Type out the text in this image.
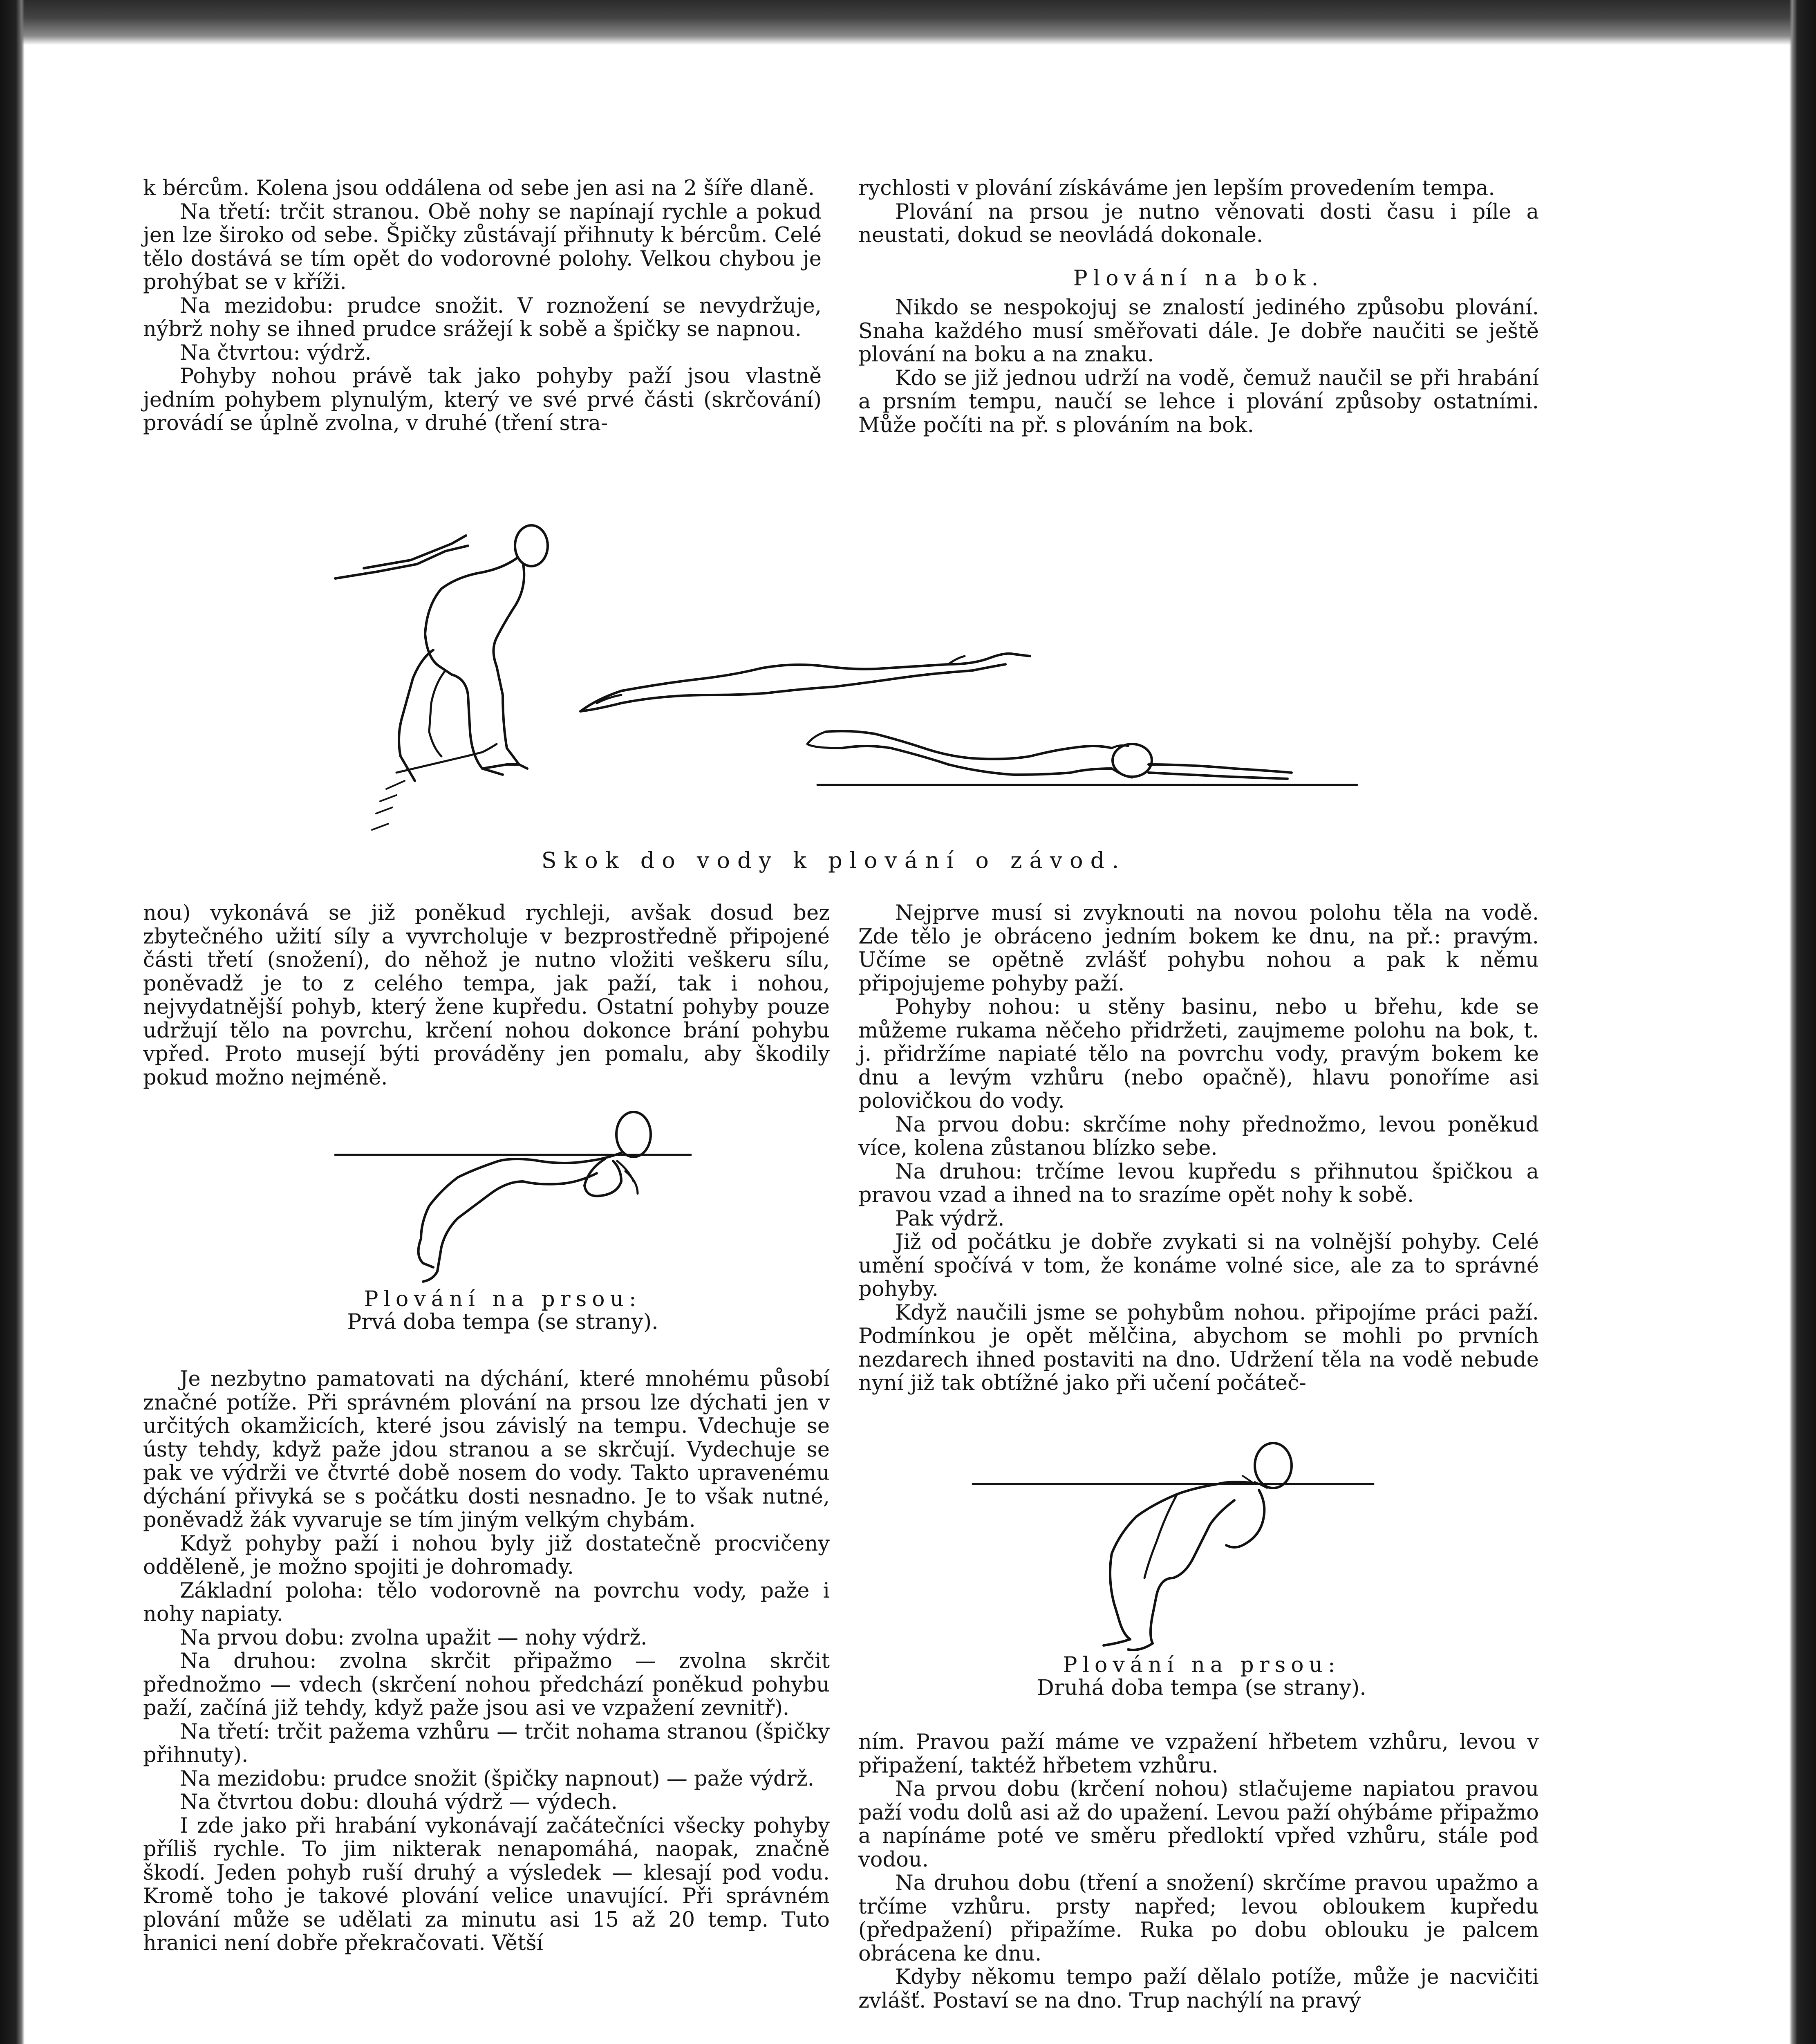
k bércům. Kolena jsou oddálena od sebe jen asi na 2 šíře dlaně.

Na třetí: trčit stranou. Obě nohy se napínají rychle a pokud jen lze široko od sebe. Špičky zůstávají přihnuty k bércům. Celé tělo dostává se tím opět do vodorovné polohy. Velkou chybou je prohýbat se v kříži.

Na mezidobu: prudce snožit. V roznožení se nevydržuje, nýbrž nohy se ihned prudce srážejí k sobě a špičky se napnou.

Na čtvrtou: výdrž.

Pohyby nohou právě tak jako pohyby paží jsou vlastně jedním pohybem plynulým, který ve své prvé části (skrčování) provádí se úplně zvolna, v druhé (tření stra-

rychlosti v plování získáváme jen lepším provedením tempa.

Plování na prsou je nutno věnovati dosti času i píle a neustati, dokud se neovládá dokonale.

Plování na bok.

Nikdo se nespokojuj se znalostí jediného způsobu plování. Snaha každého musí směřovati dále. Je dobře naučiti se ještě plování na boku a na znaku.

Kdo se již jednou udrží na vodě, čemuž naučil se při hrabání a prsním tempu, naučí se lehce i plování způsoby ostatními. Může počíti na př. s plováním na bok.

Skok do vody k plování o závod.

nou) vykonává se již poněkud rychleji, avšak dosud bez zbytečného užití síly a vyvrcholuje v bezprostředně připojené části třetí (snožení), do něhož je nutno vložiti veškeru sílu, poněvadž je to z celého tempa, jak paží, tak i nohou, nejvydatnější pohyb, který žene kupředu. Ostatní pohyby pouze udržují tělo na povrchu, krčení nohou dokonce brání pohybu vpřed. Proto musejí býti prováděny jen pomalu, aby škodily pokud možno nejméně.

Plování na prsou:
Prvá doba tempa (se strany).

Je nezbytno pamatovati na dýchání, které mnohému působí značné potíže. Při správném plování na prsou lze dýchati jen v určitých okamžicích, které jsou závislý na tempu. Vdechuje se ústy tehdy, když paže jdou stranou a se skrčují. Vydechuje se pak ve výdrži ve čtvrté době nosem do vody. Takto upravenému dýchání přivyká se s počátku dosti nesnadno. Je to však nutné, poněvadž žák vyvaruje se tím jiným velkým chybám.

Když pohyby paží i nohou byly již dostatečně procvičeny odděleně, je možno spojiti je dohromady.

Základní poloha: tělo vodorovně na povrchu vody, paže i nohy napiaty.

Na prvou dobu: zvolna upažit — nohy výdrž.

Na druhou: zvolna skrčit připažmo — zvolna skrčit přednožmo — vdech (skrčení nohou předchází poněkud pohybu paží, začíná již tehdy, když paže jsou asi ve vzpažení zevnitř).

Na třetí: trčit pažema vzhůru — trčit nohama stranou (špičky přihnuty).

Na mezidobu: prudce snožit (špičky napnout) — paže výdrž.

Na čtvrtou dobu: dlouhá výdrž — výdech.

I zde jako při hrabání vykonávají začátečníci všecky pohyby příliš rychle. To jim nikterak nenapomáhá, naopak, značně škodí. Jeden pohyb ruší druhý a výsledek — klesají pod vodu. Kromě toho je takové plování velice unavující. Při správném plování může se udělati za minutu asi 15 až 20 temp. Tuto hranici není dobře překračovati. Větší

Nejprve musí si zvyknouti na novou polohu těla na vodě. Zde tělo je obráceno jedním bokem ke dnu, na př.: pravým. Učíme se opětně zvlášť pohybu nohou a pak k němu připojujeme pohyby paží.

Pohyby nohou: u stěny basinu, nebo u břehu, kde se můžeme rukama něčeho přidržeti, zaujmeme polohu na bok, t. j. přidržíme napiaté tělo na povrchu vody, pravým bokem ke dnu a levým vzhůru (nebo opačně), hlavu ponoříme asi polovičkou do vody.

Na prvou dobu: skrčíme nohy přednožmo, levou poněkud více, kolena zůstanou blízko sebe.

Na druhou: trčíme levou kupředu s přihnutou špičkou a pravou vzad a ihned na to srazíme opět nohy k sobě.

Pak výdrž.

Již od počátku je dobře zvykati si na volnější pohyby. Celé umění spočívá v tom, že konáme volné sice, ale za to správné pohyby.

Když naučili jsme se pohybům nohou. připojíme práci paží. Podmínkou je opět mělčina, abychom se mohli po prvních nezdarech ihned postaviti na dno. Udržení těla na vodě nebude nyní již tak obtížné jako při učení počáteč-

Plování na prsou:
Druhá doba tempa (se strany).

ním. Pravou paží máme ve vzpažení hřbetem vzhůru, levou v připažení, taktéž hřbetem vzhůru.

Na prvou dobu (krčení nohou) stlačujeme napiatou pravou paží vodu dolů asi až do upažení. Levou paží ohýbáme připažmo a napínáme poté ve směru předloktí vpřed vzhůru, stále pod vodou.

Na druhou dobu (tření a snožení) skrčíme pravou upažmo a trčíme vzhůru. prsty napřed; levou obloukem kupředu (předpažení) připažíme. Ruka po dobu oblouku je palcem obrácena ke dnu.

Kdyby někomu tempo paží dělalo potíže, může je nacvičiti zvlášť. Postaví se na dno. Trup nachýlí na pravý
